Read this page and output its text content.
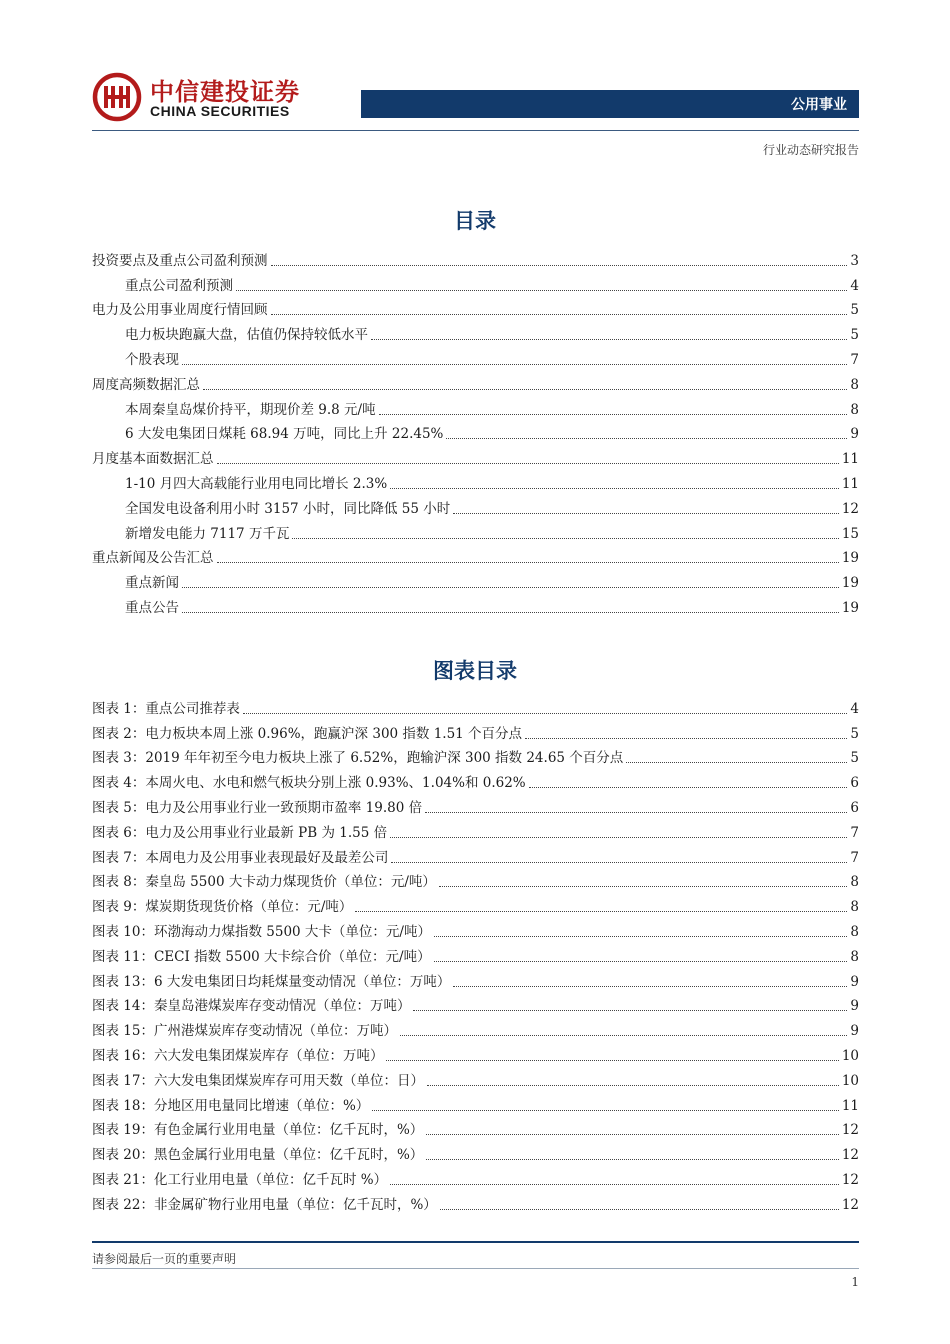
中信建投证券
CHINA SECURITIES	公用事业
行业动态研究报告
目录
投资要点及重点公司盈利预测	3
重点公司盈利预测	4
电力及公用事业周度行情回顾	5
电力板块跑赢大盘，估值仍保持较低水平	5
个股表现	7
周度高频数据汇总	8
本周秦皇岛煤价持平，期现价差 9.8 元/吨	8
6 大发电集团日煤耗 68.94 万吨，同比上升 22.45%	9
月度基本面数据汇总	11
1-10 月四大高载能行业用电同比增长 2.3%	11
全国发电设备利用小时 3157 小时，同比降低 55 小时	12
新增发电能力 7117 万千瓦	15
重点新闻及公告汇总	19
重点新闻	19
重点公告	19
图表目录
图表 1：重点公司推荐表	4
图表 2：电力板块本周上涨 0.96%，跑赢沪深 300 指数 1.51 个百分点	5
图表 3：2019 年年初至今电力板块上涨了 6.52%，跑输沪深 300 指数 24.65 个百分点	5
图表 4：本周火电、水电和燃气板块分别上涨 0.93%、1.04%和 0.62%	6
图表 5：电力及公用事业行业一致预期市盈率 19.80 倍	6
图表 6：电力及公用事业行业最新 PB 为 1.55 倍	7
图表 7：本周电力及公用事业表现最好及最差公司	7
图表 8：秦皇岛 5500 大卡动力煤现货价（单位：元/吨）	8
图表 9：煤炭期货现货价格（单位：元/吨）	8
图表 10：环渤海动力煤指数 5500 大卡（单位：元/吨）	8
图表 11：CECI 指数 5500 大卡综合价（单位：元/吨）	8
图表 13：6 大发电集团日均耗煤量变动情况（单位：万吨）	9
图表 14：秦皇岛港煤炭库存变动情况（单位：万吨）	9
图表 15：广州港煤炭库存变动情况（单位：万吨）	9
图表 16：六大发电集团煤炭库存（单位：万吨）	10
图表 17：六大发电集团煤炭库存可用天数（单位：日）	10
图表 18：分地区用电量同比增速（单位：%）	11
图表 19：有色金属行业用电量（单位：亿千瓦时，%）	12
图表 20：黑色金属行业用电量（单位：亿千瓦时，%）	12
图表 21：化工行业用电量（单位：亿千瓦时 %）	12
图表 22：非金属矿物行业用电量（单位：亿千瓦时，%）	12
请参阅最后一页的重要声明
1
